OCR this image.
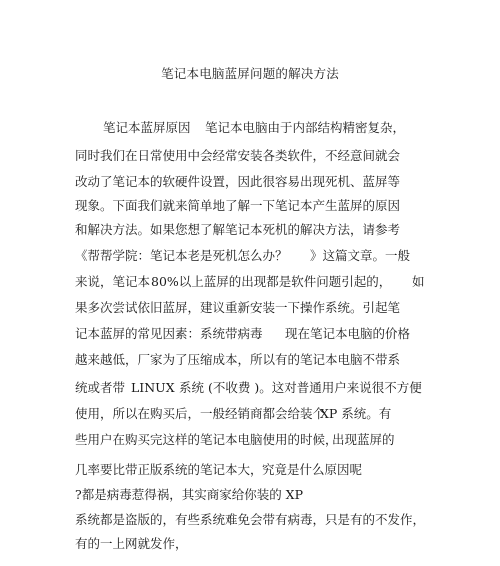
笔记本电脑蓝屏问题的解决方法
笔记本蓝屏原因 笔记本电脑由于内部结构精密复杂，
同时我们在日常使用中会经常安装各类软件，不经意间就会
改动了笔记本的软硬件设置，因此很容易出现死机、蓝屏等
现象。下面我们就来简单地了解一下笔记本产生蓝屏的原因
和解决方法。如果您想了解笔记本死机的解决方法，请参考
《帮帮学院：笔记本老是死机怎么办？ 》这篇文章。一般
来说，笔记本 80%以上蓝屏的出现都是软件问题引起的， 如
果多次尝试依旧蓝屏，建议重新安装一下操作系统。引起笔
记本蓝屏的常见因素：系统带病毒 现在笔记本电脑的价格
越来越低，厂家为了压缩成本，所以有的笔记本电脑不带系
统或者带 LINUX 系统 (不收费 )。这对普通用户来说很不方便
使用，所以在购买后，一般经销商都会给装个
XP 系统。有
些用户在购买完这样的笔记本电脑使用的时候，
出现蓝屏的
几率要比带正版系统的笔记本大， 究竟是什么原因呢
?都是病毒惹得祸，其实商家给你装的 XP
系统都是盗版的，有些系统难免会带有病毒，只是有的不发作，
有的一上网就发作，
